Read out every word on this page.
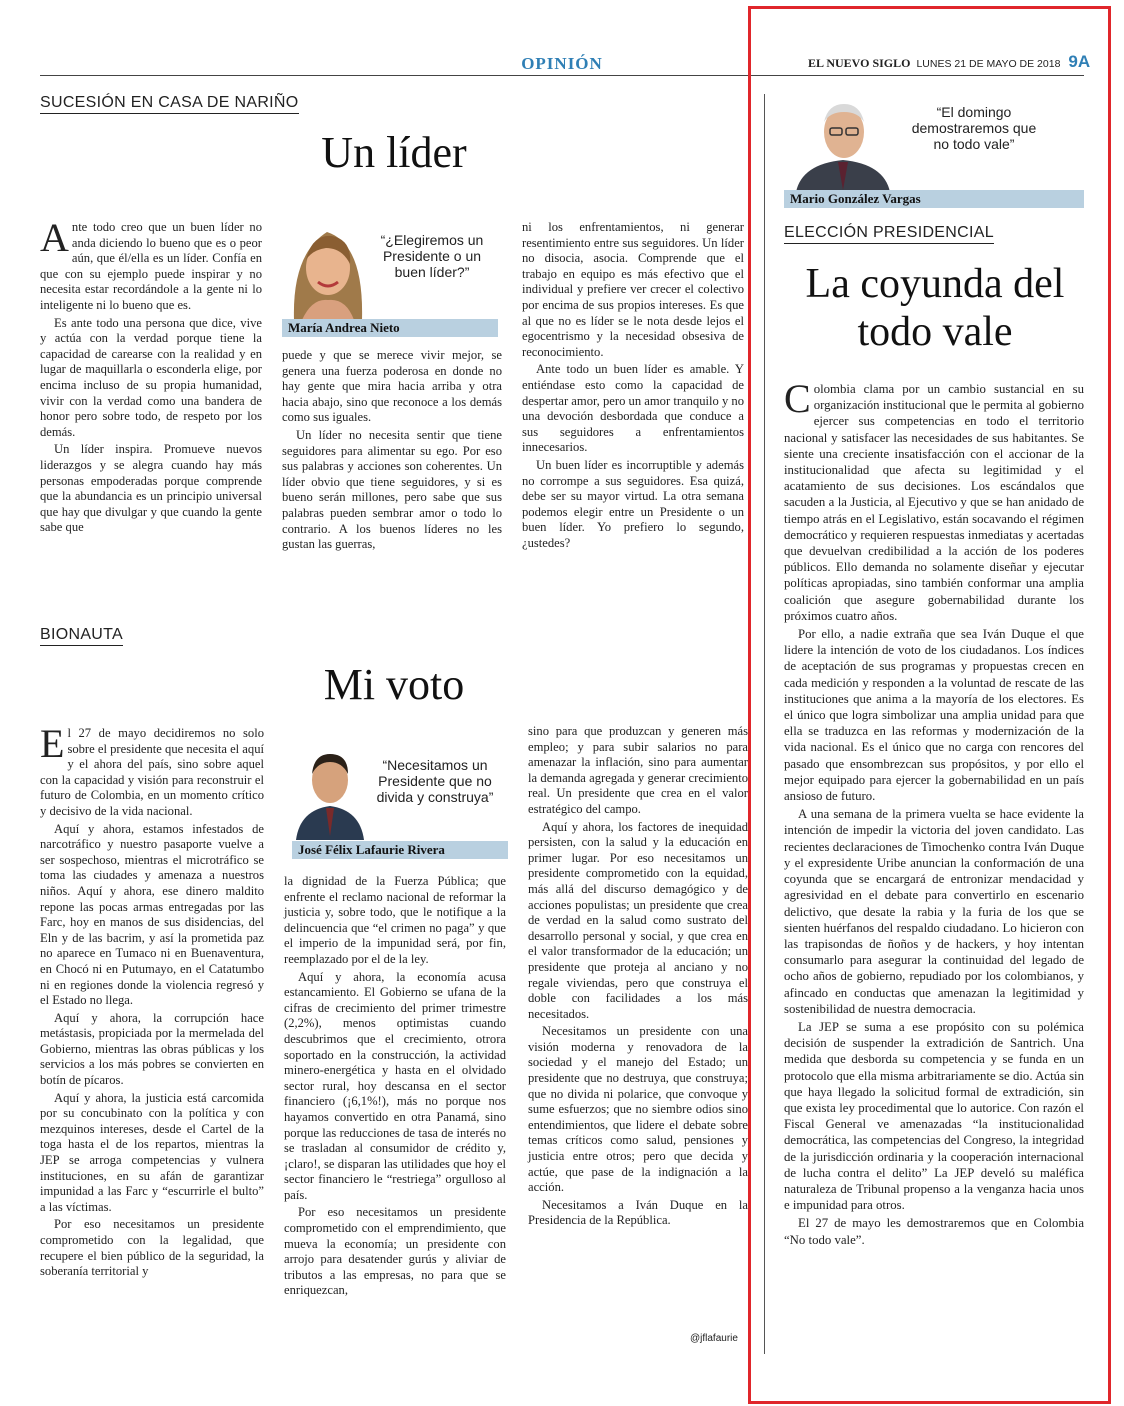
OPINIÓN	EL NUEVO SIGLO LUNES 21 DE MAYO DE 2018 9A
SUCESIÓN EN CASA DE NARIÑO
Un líder

Ante todo creo que un buen líder no anda diciendo lo bueno que es o peor aún, que él/ella es un líder. Confía en que con su ejemplo puede inspirar y no necesita estar recordándole a la gente ni lo inteligente ni lo bueno que es.

Es ante todo una persona que dice, vive y actúa con la verdad porque tiene la capacidad de carearse con la realidad y en lugar de maquillarla o esconderla elige, por encima incluso de su propia humanidad, vivir con la verdad como una bandera de honor pero sobre todo, de respeto por los demás.

Un líder inspira. Promueve nuevos liderazgos y se alegra cuando hay más personas empoderadas porque comprende que la abundancia es un principio universal que hay que divulgar y que cuando la gente sabe que

“¿Elegiremos un Presidente o un buen líder?”
María Andrea Nieto

puede y que se merece vivir mejor, se genera una fuerza poderosa en donde no hay gente que mira hacia arriba y otra hacia abajo, sino que reconoce a los demás como sus iguales.

Un líder no necesita sentir que tiene seguidores para alimentar su ego. Por eso sus palabras y acciones son coherentes. Un líder obvio que tiene seguidores, y si es bueno serán millones, pero sabe que sus palabras pueden sembrar amor o todo lo contrario. A los buenos líderes no les gustan las guerras,

ni los enfrentamientos, ni generar resentimiento entre sus seguidores. Un líder no disocia, asocia. Comprende que el trabajo en equipo es más efectivo que el individual y prefiere ver crecer el colectivo por encima de sus propios intereses. Es que al que no es líder se le nota desde lejos el egocentrismo y la necesidad obsesiva de reconocimiento.

Ante todo un buen líder es amable. Y entiéndase esto como la capacidad de despertar amor, pero un amor tranquilo y no una devoción desbordada que conduce a sus seguidores a enfrentamientos innecesarios.

Un buen líder es incorruptible y además no corrompe a sus seguidores. Esa quizá, debe ser su mayor virtud. La otra semana podemos elegir entre un Presidente o un buen líder. Yo prefiero lo segundo, ¿ustedes?

BIONAUTA
Mi voto

El 27 de mayo decidiremos no solo sobre el presidente que necesita el aquí y el ahora del país, sino sobre aquel con la capacidad y visión para reconstruir el futuro de Colombia, en un momento crítico y decisivo de la vida nacional.

Aquí y ahora, estamos infestados de narcotráfico y nuestro pasaporte vuelve a ser sospechoso, mientras el microtráfico se toma las ciudades y amenaza a nuestros niños. Aquí y ahora, ese dinero maldito repone las pocas armas entregadas por las Farc, hoy en manos de sus disidencias, del Eln y de las bacrim, y así la prometida paz no aparece en Tumaco ni en Buenaventura, en Chocó ni en Putumayo, en el Catatumbo ni en regiones donde la violencia regresó y el Estado no llega.

Aquí y ahora, la corrupción hace metástasis, propiciada por la mermelada del Gobierno, mientras las obras públicas y los servicios a los más pobres se convierten en botín de pícaros.

Aquí y ahora, la justicia está carcomida por su concubinato con la política y con mezquinos intereses, desde el Cartel de la toga hasta el de los repartos, mientras la JEP se arroga competencias y vulnera instituciones, en su afán de garantizar impunidad a las Farc y “escurrirle el bulto” a las víctimas.

Por eso necesitamos un presidente comprometido con la legalidad, que recupere el bien público de la seguridad, la soberanía territorial y

“Necesitamos un Presidente que no divida y construya”
José Félix Lafaurie Rivera

la dignidad de la Fuerza Pública; que enfrente el reclamo nacional de reformar la justicia y, sobre todo, que le notifique a la delincuencia que “el crimen no paga” y que el imperio de la impunidad será, por fin, reemplazado por el de la ley.

Aquí y ahora, la economía acusa estancamiento. El Gobierno se ufana de la cifras de crecimiento del primer trimestre (2,2%), menos optimistas cuando descubrimos que el crecimiento, otrora soportado en la construcción, la actividad minero-energética y hasta en el olvidado sector rural, hoy descansa en el sector financiero (¡6,1%!), más no porque nos hayamos convertido en otra Panamá, sino porque las reducciones de tasa de interés no se trasladan al consumidor de crédito y, ¡claro!, se disparan las utilidades que hoy el sector financiero le “restriega” orgulloso al país.

Por eso necesitamos un presidente comprometido con el emprendimiento, que mueva la economía; un presidente con arrojo para desatender gurús y aliviar de tributos a las empresas, no para que se enriquezcan,

sino para que produzcan y generen más empleo; y para subir salarios no para amenazar la inflación, sino para aumentar la demanda agregada y generar crecimiento real. Un presidente que crea en el valor estratégico del campo.

Aquí y ahora, los factores de inequidad persisten, con la salud y la educación en primer lugar. Por eso necesitamos un presidente comprometido con la equidad, más allá del discurso demagógico y de acciones populistas; un presidente que crea de verdad en la salud como sustrato del desarrollo personal y social, y que crea en el valor transformador de la educación; un presidente que proteja al anciano y no regale viviendas, pero que construya el doble con facilidades a los más necesitados.

Necesitamos un presidente con una visión moderna y renovadora de la sociedad y el manejo del Estado; un presidente que no destruya, que construya; que no divida ni polarice, que convoque y sume esfuerzos; que no siembre odios sino entendimientos, que lidere el debate sobre temas críticos como salud, pensiones y justicia entre otros; pero que decida y actúe, que pase de la indignación a la acción.

Necesitamos a Iván Duque en la Presidencia de la República.

@jflafaurie
“El domingo demostraremos que no todo vale”
Mario González Vargas
ELECCIÓN PRESIDENCIAL
La coyunda del
todo vale

Colombia clama por un cambio sustancial en su organización institucional que le permita al gobierno ejercer sus competencias en todo el territorio nacional y satisfacer las necesidades de sus habitantes. Se siente una creciente insatisfacción con el accionar de la institucionalidad que afecta su legitimidad y el acatamiento de sus decisiones. Los escándalos que sacuden a la Justicia, al Ejecutivo y que se han anidado de tiempo atrás en el Legislativo, están socavando el régimen democrático y requieren respuestas inmediatas y acertadas que devuelvan credibilidad a la acción de los poderes públicos. Ello demanda no solamente diseñar y ejecutar políticas apropiadas, sino también conformar una amplia coalición que asegure gobernabilidad durante los próximos cuatro años.

Por ello, a nadie extraña que sea Iván Duque el que lidere la intención de voto de los ciudadanos. Los índices de aceptación de sus programas y propuestas crecen en cada medición y responden a la voluntad de rescate de las instituciones que anima a la mayoría de los electores. Es el único que logra simbolizar una amplia unidad para que ella se traduzca en las reformas y modernización de la vida nacional. Es el único que no carga con rencores del pasado que ensombrezcan sus propósitos, y por ello el mejor equipado para ejercer la gobernabilidad en un país ansioso de futuro.

A una semana de la primera vuelta se hace evidente la intención de impedir la victoria del joven candidato. Las recientes declaraciones de Timochenko contra Iván Duque y el expresidente Uribe anuncian la conformación de una coyunda que se encargará de entronizar mendacidad y agresividad en el debate para convertirlo en escenario delictivo, que desate la rabia y la furia de los que se sienten huérfanos del respaldo ciudadano. Lo hicieron con las trapisondas de ñoños y de hackers, y hoy intentan consumarlo para asegurar la continuidad del legado de ocho años de gobierno, repudiado por los colombianos, y afincado en conductas que amenazan la legitimidad y sostenibilidad de nuestra democracia.

La JEP se suma a ese propósito con su polémica decisión de suspender la extradición de Santrich. Una medida que desborda su competencia y se funda en un protocolo que ella misma arbitrariamente se dio. Actúa sin que haya llegado la solicitud formal de extradición, sin que exista ley procedimental que lo autorice. Con razón el Fiscal General ve amenazadas “la institucionalidad democrática, las competencias del Congreso, la integridad de la jurisdicción ordinaria y la cooperación internacional de lucha contra el delito” La JEP develó su maléfica naturaleza de Tribunal propenso a la venganza hacia unos e impunidad para otros.

El 27 de mayo les demostraremos que en Colombia “No todo vale”.
